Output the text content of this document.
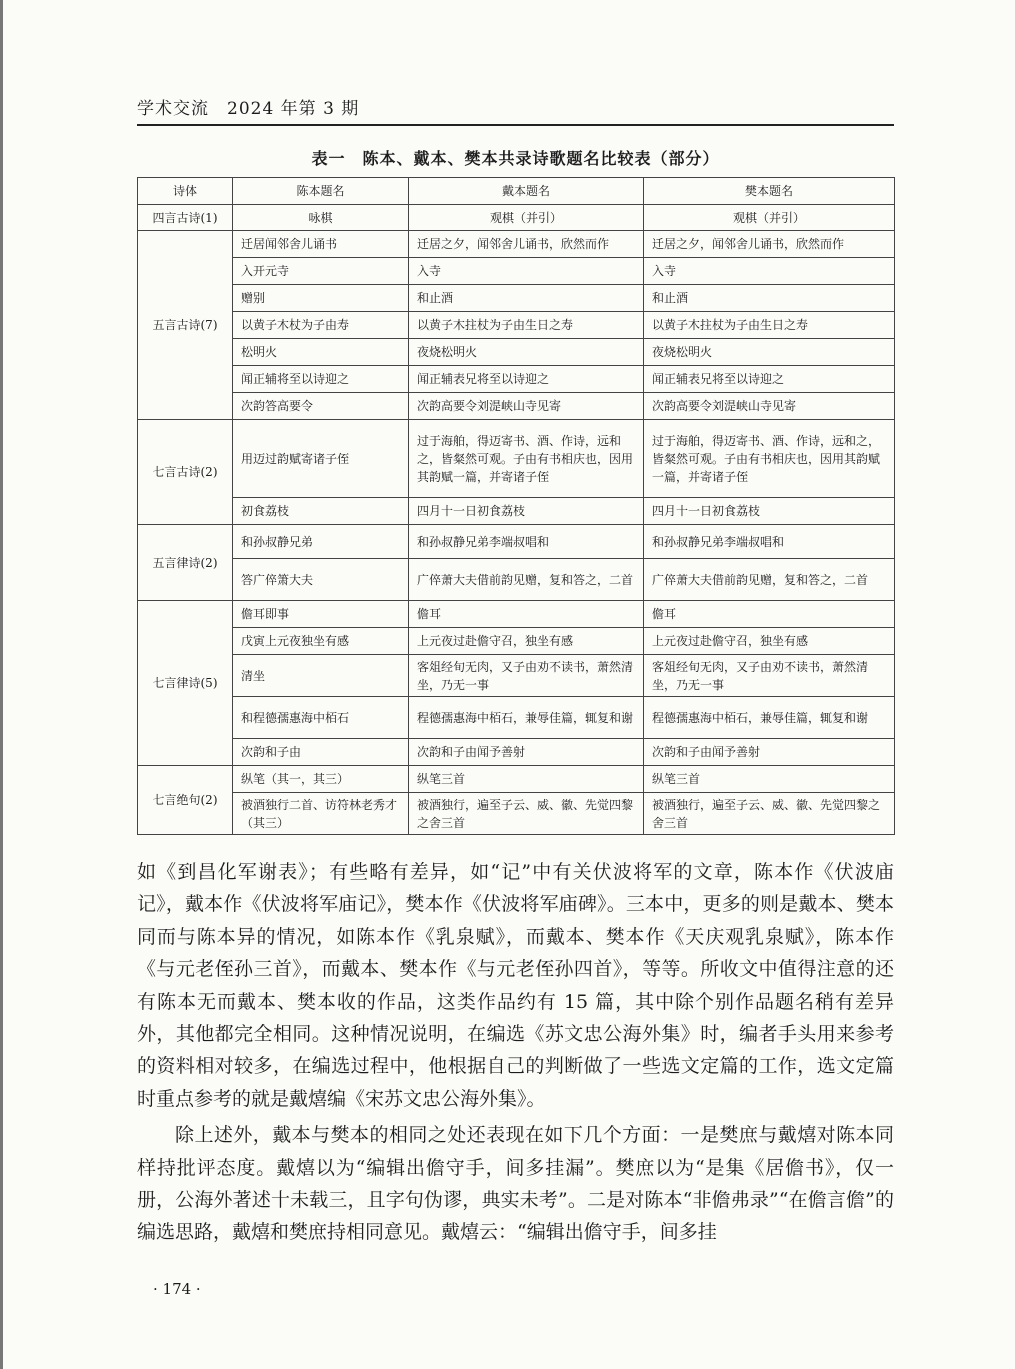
学术交流 2024 年第 3 期
表一　陈本、戴本、樊本共录诗歌题名比较表（部分）
诗体	陈本题名	戴本题名	樊本题名
四言古诗(1)	咏棋	观棋（并引）	观棋（并引）
五言古诗(7)	迁居闻邻舍儿诵书	迁居之夕，闻邻舍儿诵书，欣然而作	迁居之夕，闻邻舍儿诵书，欣然而作
	入开元寺	入寺	入寺
	赠别	和止酒	和止酒
	以黄子木杖为子由寿	以黄子木拄杖为子由生日之寿	以黄子木拄杖为子由生日之寿
	松明火	夜烧松明火	夜烧松明火
	闻正辅将至以诗迎之	闻正辅表兄将至以诗迎之	闻正辅表兄将至以诗迎之
	次韵答高要令	次韵高要令刘湜峡山寺见寄	次韵高要令刘湜峡山寺见寄
七言古诗(2)	用迈过韵赋寄诸子侄	过于海舶，得迈寄书、酒、作诗，远和之，皆粲然可观。子由有书相庆也，因用其韵赋一篇，并寄诸子侄	过于海舶，得迈寄书、酒、作诗，远和之，皆粲然可观。子由有书相庆也，因用其韵赋一篇，并寄诸子侄
	初食荔枝	四月十一日初食荔枝	四月十一日初食荔枝
五言律诗(2)	和孙叔静兄弟	和孙叔静兄弟李端叔唱和	和孙叔静兄弟李端叔唱和
	答广倅箫大夫	广倅萧大夫借前韵见赠，复和答之，二首	广倅萧大夫借前韵见赠，复和答之，二首
七言律诗(5)	儋耳即事	儋耳	儋耳
	戊寅上元夜独坐有感	上元夜过赴儋守召，独坐有感	上元夜过赴儋守召，独坐有感
	清坐	客俎经旬无肉，又子由劝不读书，萧然清坐，乃无一事	客俎经旬无肉，又子由劝不读书，萧然清坐，乃无一事
	和程德孺惠海中栢石	程德孺惠海中栢石，兼辱佳篇，辄复和谢	程德孺惠海中栢石，兼辱佳篇，辄复和谢
	次韵和子由	次韵和子由闻予善射	次韵和子由闻予善射
七言绝句(2)	纵笔（其一，其三）	纵笔三首	纵笔三首
	被酒独行二首、访符林老秀才（其三）	被酒独行，遍至子云、威、徽、先觉四黎之舍三首	被酒独行，遍至子云、威、徽、先觉四黎之舍三首

如《到昌化军谢表》；有些略有差异，如“记”中有关伏波将军的文章，陈本作《伏波庙记》，戴本作《伏波将军庙记》，樊本作《伏波将军庙碑》。三本中，更多的则是戴本、樊本同而与陈本异的情况，如陈本作《乳泉赋》，而戴本、樊本作《天庆观乳泉赋》，陈本作《与元老侄孙三首》，而戴本、樊本作《与元老侄孙四首》，等等。所收文中值得注意的还有陈本无而戴本、樊本收的作品，这类作品约有 15 篇，其中除个别作品题名稍有差异外，其他都完全相同。这种情况说明，在编选《苏文忠公海外集》时，编者手头用来参考的资料相对较多，在编选过程中，他根据自己的判断做了一些选文定篇的工作，选文定篇时重点参考的就是戴熺编《宋苏文忠公海外集》。

除上述外，戴本与樊本的相同之处还表现在如下几个方面：一是樊庶与戴熺对陈本同样持批评态度。戴熺以为“编辑出儋守手，间多挂漏”。樊庶以为“是集《居儋书》，仅一册，公海外著述十未载三，且字句伪谬，典实未考”。二是对陈本“非儋弗录”“在儋言儋”的编选思路，戴熺和樊庶持相同意见。戴熺云：“编辑出儋守手，间多挂

· 174 ·
